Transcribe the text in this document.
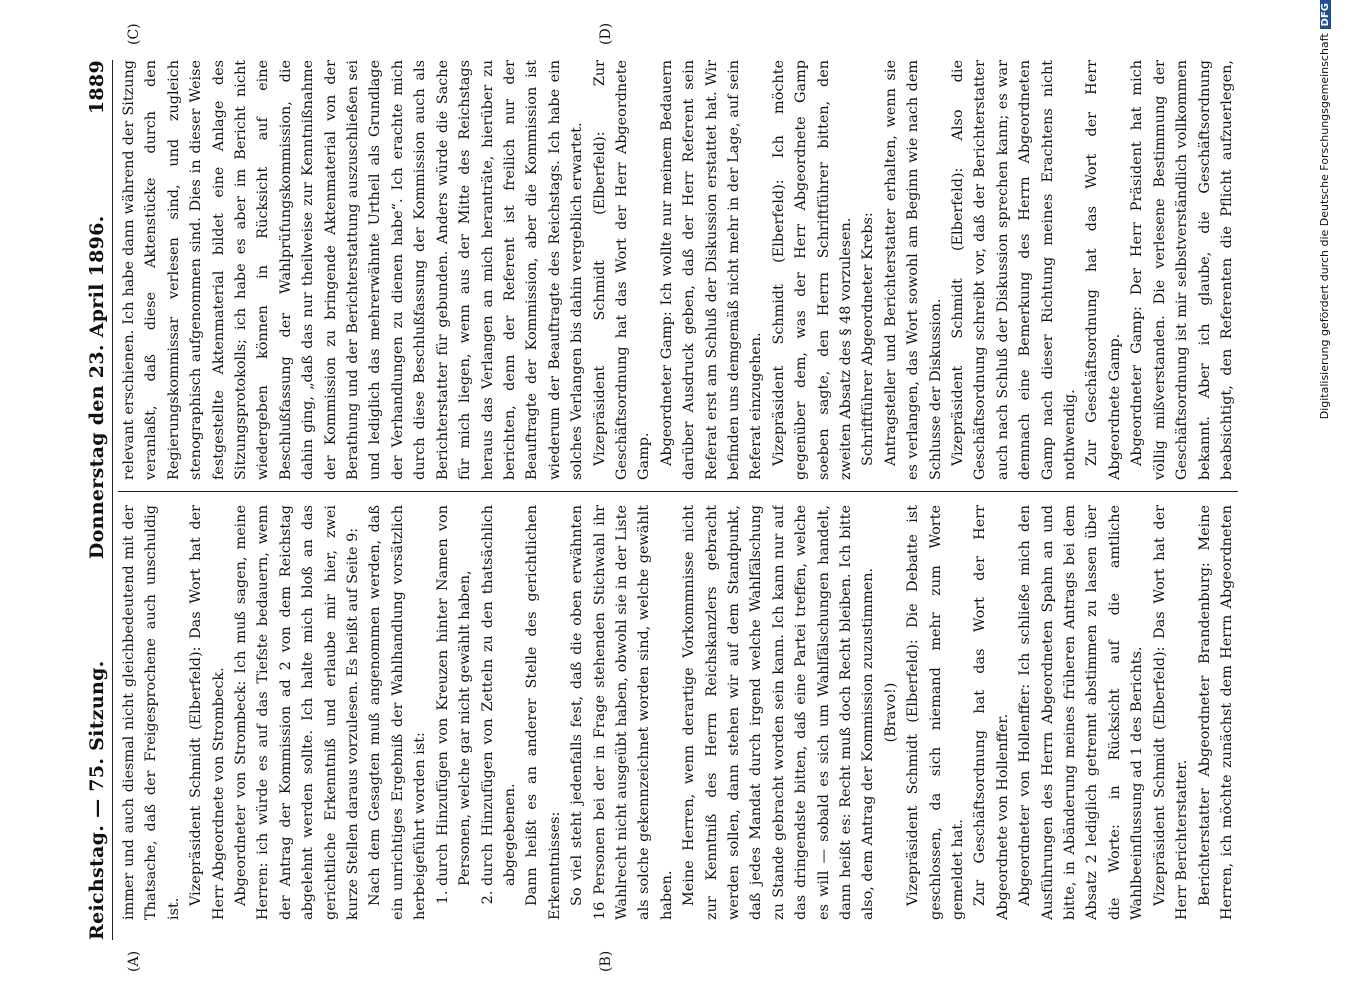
Reichstag. — 75. Sitzung.
Donnerstag den 23. April 1896.
1889
(A)	(B)
(C)	(D)

immer und auch diesmal nicht gleichbedeutend mit der Thatsache, daß der Freigesprochene auch unschuldig ist.

Vizepräsident Schmidt (Elberfeld): Das Wort hat der Herr Abgeordnete von Strombeck. Abgeordneter von Strombeck: Ich muß sagen, meine Herren: ich würde es auf das Tiefste bedauern, wenn der Antrag der Kommission ad 2 von dem Reichstag abgelehnt werden sollte. Ich halte mich bloß an das gerichtliche Erkenntniß und erlaube mir hier, zwei kurze Stellen daraus vorzulesen. Es heißt auf Seite 9: Nach dem Gesagten muß angenommen werden, daß ein unrichtiges Ergebniß der Wahlhandlung vorsätzlich herbeigeführt worden ist: 1. durch Hinzufügen von Kreuzen hinter Namen von Personen, welche gar nicht gewählt haben, 2. durch Hinzufügen von Zetteln zu den thatsächlich abgegebenen. Dann heißt es an anderer Stelle des gerichtlichen Erkenntnisses: So viel steht jedenfalls fest, daß die oben erwähnten 16 Personen bei der in Frage stehenden Stichwahl ihr Wahlrecht nicht ausgeübt haben, obwohl sie in der Liste als solche gekennzeichnet worden sind, welche gewählt haben. Meine Herren, wenn derartige Vorkommnisse nicht zur Kenntniß des Herrn Reichskanzlers gebracht werden sollen, dann stehen wir auf dem Standpunkt, daß jedes Mandat durch irgend welche Wahlfälschung zu Stande gebracht worden sein kann. Ich kann nur auf das dringendste bitten, daß eine Partei treffen, welche es will — sobald es sich um Wahlfälschungen handelt, dann heißt es: Recht muß doch Recht bleiben. Ich bitte also, dem Antrag der Kommission zuzustimmen. (Bravo!) Vizepräsident Schmidt (Elberfeld): Die Debatte ist geschlossen, da sich niemand mehr zum Worte gemeldet hat. Zur Geschäftsordnung hat das Wort der Herr Abgeordnete von Hollenffer. Abgeordneter von Hollenffer: Ich schließe mich den Ausführungen des Herrn Abgeordneten Spahn an und bitte, in Abänderung meines früheren Antrags bei dem Absatz 2 lediglich getrennt abstimmen zu lassen über die Worte: in Rücksicht auf die amtliche Wahlbeeinflussung ad 1 des Berichts. Vizepräsident Schmidt (Elberfeld): Das Wort hat der Herr Berichterstatter. Berichterstatter Abgeordneter Brandenburg: Meine Herren, ich möchte zunächst dem Herrn Abgeordneten

relevant erschienen. Ich habe dann während der Sitzung veranlaßt, daß diese Aktenstücke durch den Regierungskommissar verlesen sind, und zugleich stenographisch aufgenommen sind. Dies in dieser Weise festgestellte Aktenmaterial bildet eine Anlage des Sitzungsprotokolls; ich habe es aber im Bericht nicht wiedergeben können in Rücksicht auf eine Beschlußfassung der Wahlprüfungskommission, die dahin ging, „daß das nur theilweise zur Kenntnißnahme der Kommission zu bringende Aktenmaterial von der Berathung und der Berichterstattung auszuschließen sei und lediglich das mehrerwähnte Urtheil als Grundlage der Verhandlungen zu dienen habe“. Ich erachte mich durch diese Beschlußfassung der Kommission auch als Berichterstatter für gebunden. Anders würde die Sache für mich liegen, wenn aus der Mitte des Reichstags heraus das Verlangen an mich heranträte, hierüber zu berichten, denn der Referent ist freilich nur der Beauftragte der Kommission, aber die Kommission ist wiederum der Beauftragte des Reichstags. Ich habe ein solches Verlangen bis dahin vergeblich erwartet. Vizepräsident Schmidt (Elberfeld): Zur Geschäftsordnung hat das Wort der Herr Abgeordnete Gamp. Abgeordneter Gamp: Ich wollte nur meinem Bedauern darüber Ausdruck geben, daß der Herr Referent sein Referat erst am Schluß der Diskussion erstattet hat. Wir befinden uns demgemäß nicht mehr in der Lage, auf sein Referat einzugehen. Vizepräsident Schmidt (Elberfeld): Ich möchte gegenüber dem, was der Herr Abgeordnete Gamp soeben sagte, den Herrn Schriftführer bitten, den zweiten Absatz des § 48 vorzulesen. Schriftführer Abgeordneter Krebs: Antragsteller und Berichterstatter erhalten, wenn sie es verlangen, das Wort sowohl am Beginn wie nach dem Schlusse der Diskussion. Vizepräsident Schmidt (Elberfeld): Also die Geschäftsordnung schreibt vor, daß der Berichterstatter auch nach Schluß der Diskussion sprechen kann; es war demnach eine Bemerkung des Herrn Abgeordneten Gamp nach dieser Richtung meines Erachtens nicht nothwendig. Zur Geschäftsordnung hat das Wort der Herr Abgeordnete Gamp. Abgeordneter Gamp: Der Herr Präsident hat mich völlig mißverstanden. Die verlesene Bestimmung der Geschäftsordnung ist mir selbstverständlich vollkommen bekannt. Aber ich glaube, die Geschäftsordnung beabsichtigt, den Referenten die Pflicht aufzuerlegen,	Digitalisierung gefördert durch die Deutsche ForschungsgemeinschaftDFG
